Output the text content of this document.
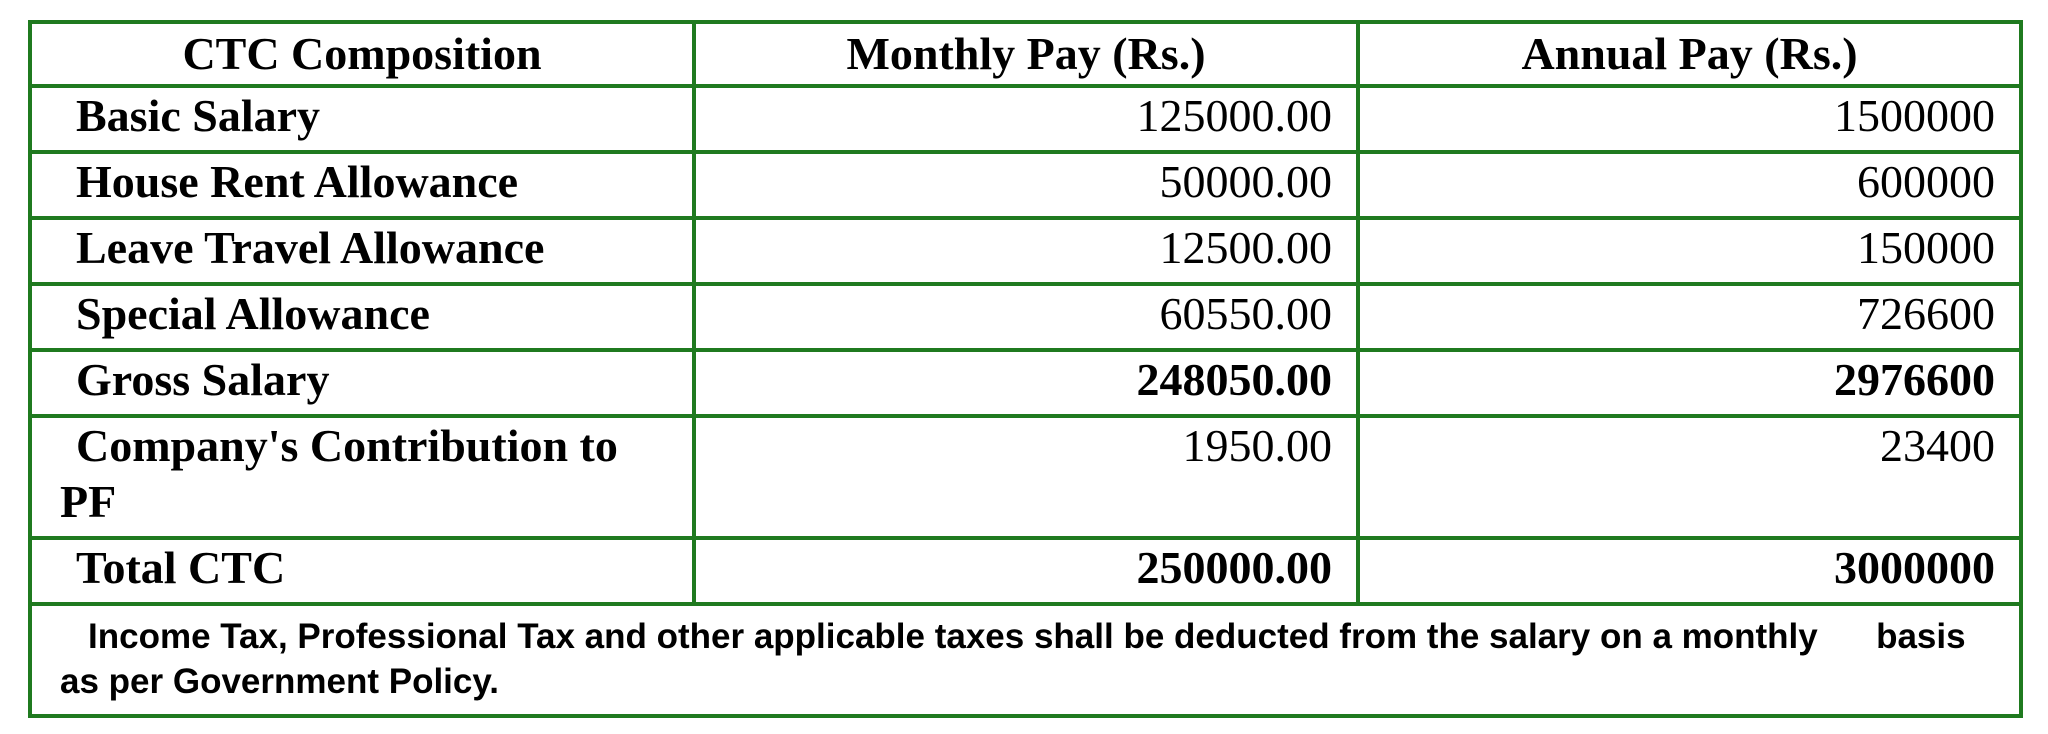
CTC Composition	Monthly Pay (Rs.)	Annual Pay (Rs.)
Basic Salary	125000.00	1500000
House Rent Allowance	50000.00	600000
Leave Travel Allowance	12500.00	150000
Special Allowance	60550.00	726600
Gross Salary	248050.00	2976600
Company's Contribution to PF	1950.00	23400
Total CTC	250000.00	3000000
Income Tax, Professional Tax and other applicable taxes shall be deducted from the salary on a monthly      basis   as per Government Policy.		
